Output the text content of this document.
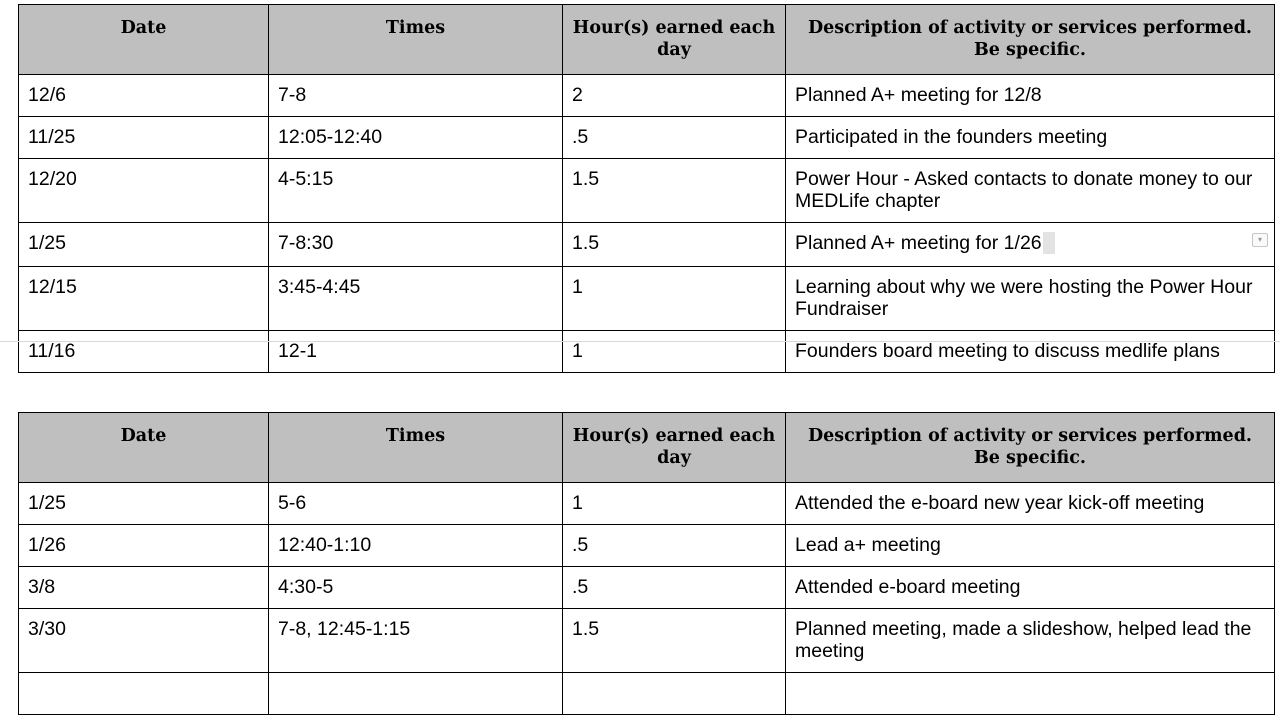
Date	Times	Hour(s) earned each day	Description of activity or services performed. Be specific.
12/6	7-8	2	Planned A+ meeting for 12/8
11/25	12:05-12:40	.5	Participated in the founders meeting
12/20	4-5:15	1.5	Power Hour - Asked contacts to donate money to our MEDLife chapter
1/25	7-8:30	1.5	Planned A+ meeting for 1/26
12/15	3:45-4:45	1	Learning about why we were hosting the Power Hour Fundraiser
11/16	12-1	1	Founders board meeting to discuss medlife plans
▾
Date	Times	Hour(s) earned each day	Description of activity or services performed. Be specific.
1/25	5-6	1	Attended the e-board new year kick-off meeting
1/26	12:40-1:10	.5	Lead a+ meeting
3/8	4:30-5	.5	Attended e-board meeting
3/30	7-8, 12:45-1:15	1.5	Planned meeting, made a slideshow, helped lead the meeting
